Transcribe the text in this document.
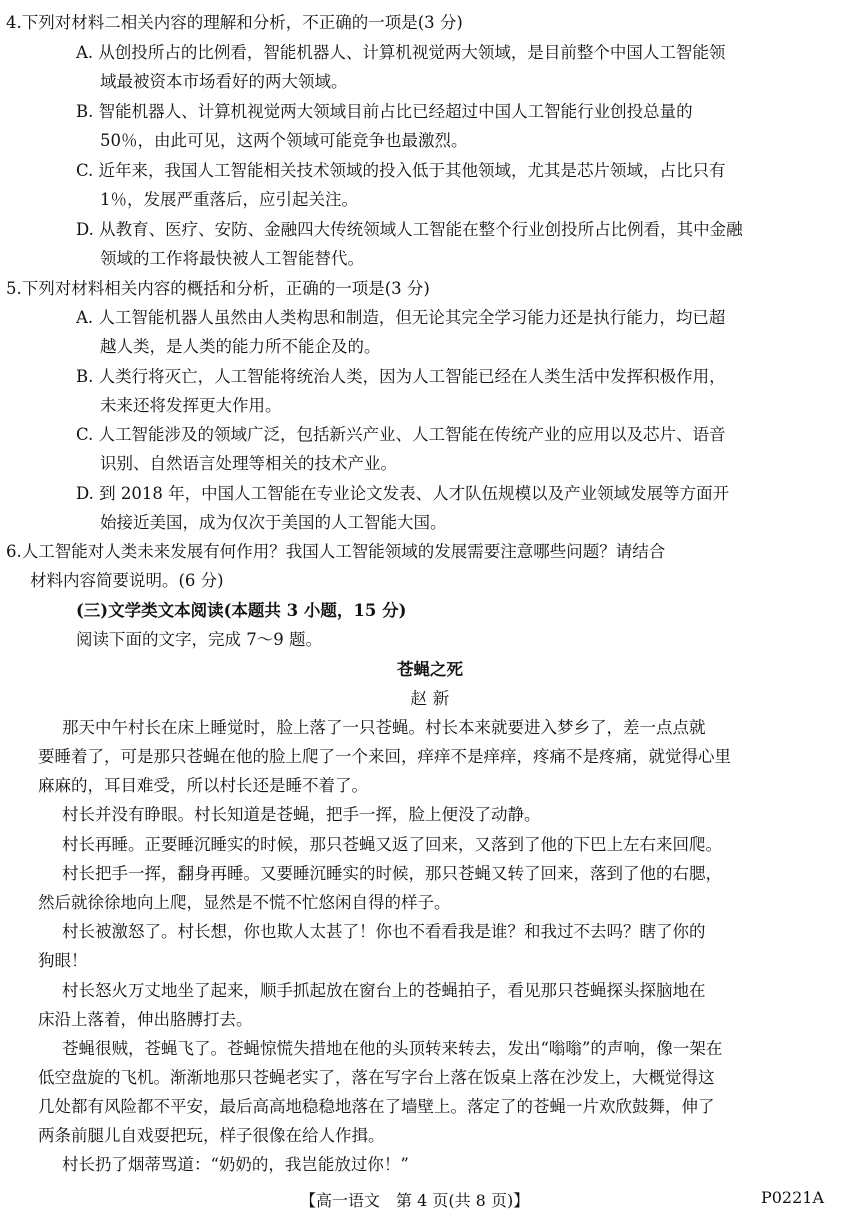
4.下列对材料二相关内容的理解和分析，不正确的一项是(3 分)
A. 从创投所占的比例看，智能机器人、计算机视觉两大领域，是目前整个中国人工智能领
域最被资本市场看好的两大领域。
B. 智能机器人、计算机视觉两大领域目前占比已经超过中国人工智能行业创投总量的
50％，由此可见，这两个领域可能竞争也最激烈。
C. 近年来，我国人工智能相关技术领域的投入低于其他领域，尤其是芯片领域，占比只有
1％，发展严重落后，应引起关注。
D. 从教育、医疗、安防、金融四大传统领域人工智能在整个行业创投所占比例看，其中金融
领域的工作将最快被人工智能替代。
5.下列对材料相关内容的概括和分析，正确的一项是(3 分)
A. 人工智能机器人虽然由人类构思和制造，但无论其完全学习能力还是执行能力，均已超
越人类，是人类的能力所不能企及的。
B. 人类行将灭亡，人工智能将统治人类，因为人工智能已经在人类生活中发挥积极作用，
未来还将发挥更大作用。
C. 人工智能涉及的领域广泛，包括新兴产业、人工智能在传统产业的应用以及芯片、语音
识别、自然语言处理等相关的技术产业。
D. 到 2018 年，中国人工智能在专业论文发表、人才队伍规模以及产业领域发展等方面开
始接近美国，成为仅次于美国的人工智能大国。
6.人工智能对人类未来发展有何作用？我国人工智能领域的发展需要注意哪些问题？请结合
材料内容简要说明。(6 分)
(三)文学类文本阅读(本题共 3 小题，15 分)
阅读下面的文字，完成 7～9 题。
苍蝇之死
赵 新
那天中午村长在床上睡觉时，脸上落了一只苍蝇。村长本来就要进入梦乡了，差一点点就
要睡着了，可是那只苍蝇在他的脸上爬了一个来回，痒痒不是痒痒，疼痛不是疼痛，就觉得心里
麻麻的，耳目难受，所以村长还是睡不着了。
村长并没有睁眼。村长知道是苍蝇，把手一挥，脸上便没了动静。
村长再睡。正要睡沉睡实的时候，那只苍蝇又返了回来，又落到了他的下巴上左右来回爬。
村长把手一挥，翻身再睡。又要睡沉睡实的时候，那只苍蝇又转了回来，落到了他的右腮，
然后就徐徐地向上爬，显然是不慌不忙悠闲自得的样子。
村长被激怒了。村长想，你也欺人太甚了！你也不看看我是谁？和我过不去吗？瞎了你的
狗眼！
村长怒火万丈地坐了起来，顺手抓起放在窗台上的苍蝇拍子，看见那只苍蝇探头探脑地在
床沿上落着，伸出胳膊打去。
苍蝇很贼，苍蝇飞了。苍蝇惊慌失措地在他的头顶转来转去，发出“嗡嗡”的声响，像一架在
低空盘旋的飞机。渐渐地那只苍蝇老实了，落在写字台上落在饭桌上落在沙发上，大概觉得这
几处都有风险都不平安，最后高高地稳稳地落在了墙壁上。落定了的苍蝇一片欢欣鼓舞，伸了
两条前腿儿自戏耍把玩，样子很像在给人作揖。
村长扔了烟蒂骂道：“奶奶的，我岂能放过你！”
【高一语文　第 4 页(共 8 页)】	P0221A
